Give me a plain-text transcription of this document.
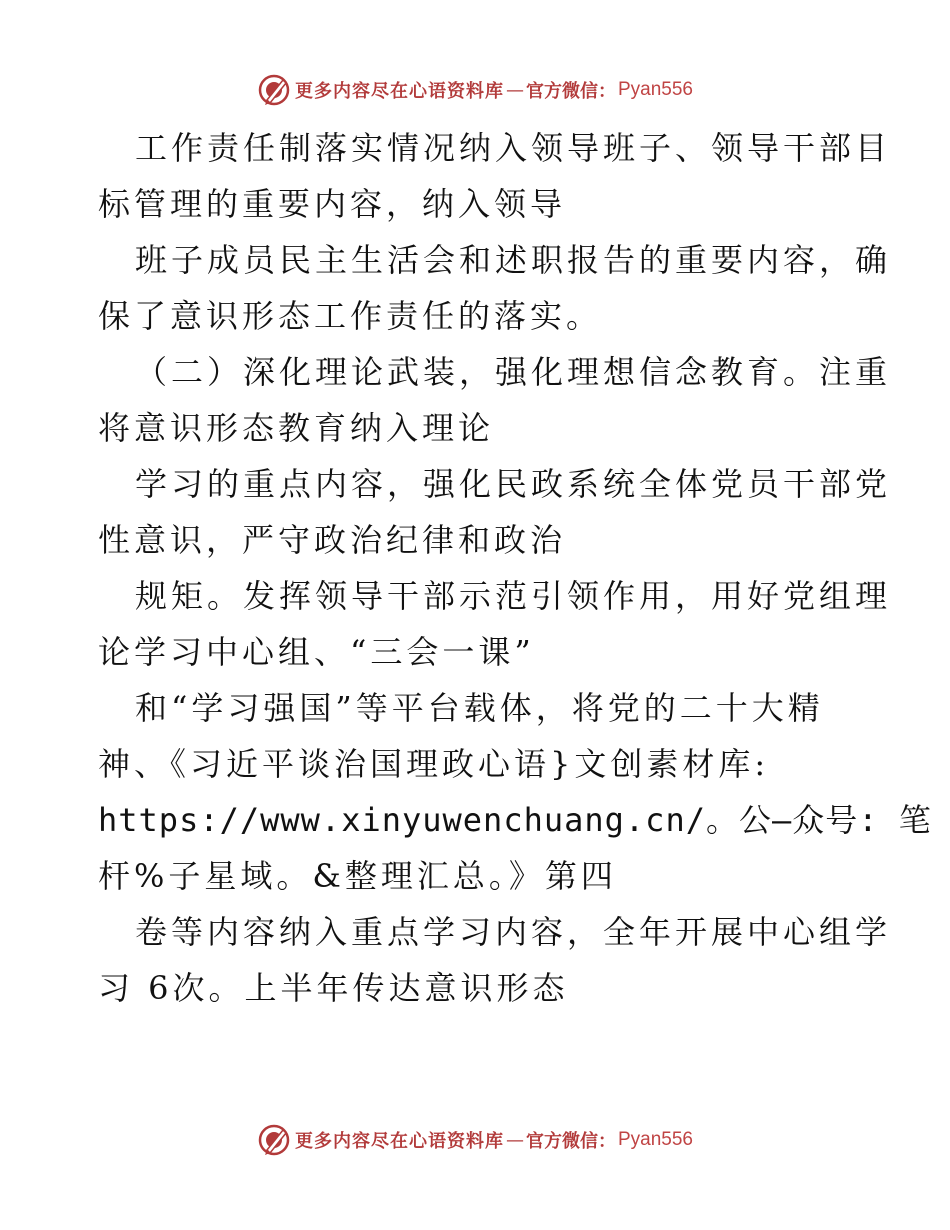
更多内容尽在心语资料库 — 官方微信： Pyan556
工作责任制落实情况纳入领导班子、领导干部目
标管理的重要内容，纳入领导
班子成员民主生活会和述职报告的重要内容，确
保了意识形态工作责任的落实。
（二）深化理论武装，强化理想信念教育。注重
将意识形态教育纳入理论
学习的重点内容，强化民政系统全体党员干部党
性意识，严守政治纪律和政治
规矩。发挥领导干部示范引领作用，用好党组理
论学习中心组、“三会一课”
和“学习强国”等平台载体，将党的二十大精
神、《习近平谈治国理政心语}文创素材库:
https://www.xinyuwenchuang.cn/。公—众号: 笔
杆%子星域。&整理汇总。》第四
卷等内容纳入重点学习内容，全年开展中心组学
习 6次。上半年传达意识形态
更多内容尽在心语资料库 — 官方微信： Pyan556
